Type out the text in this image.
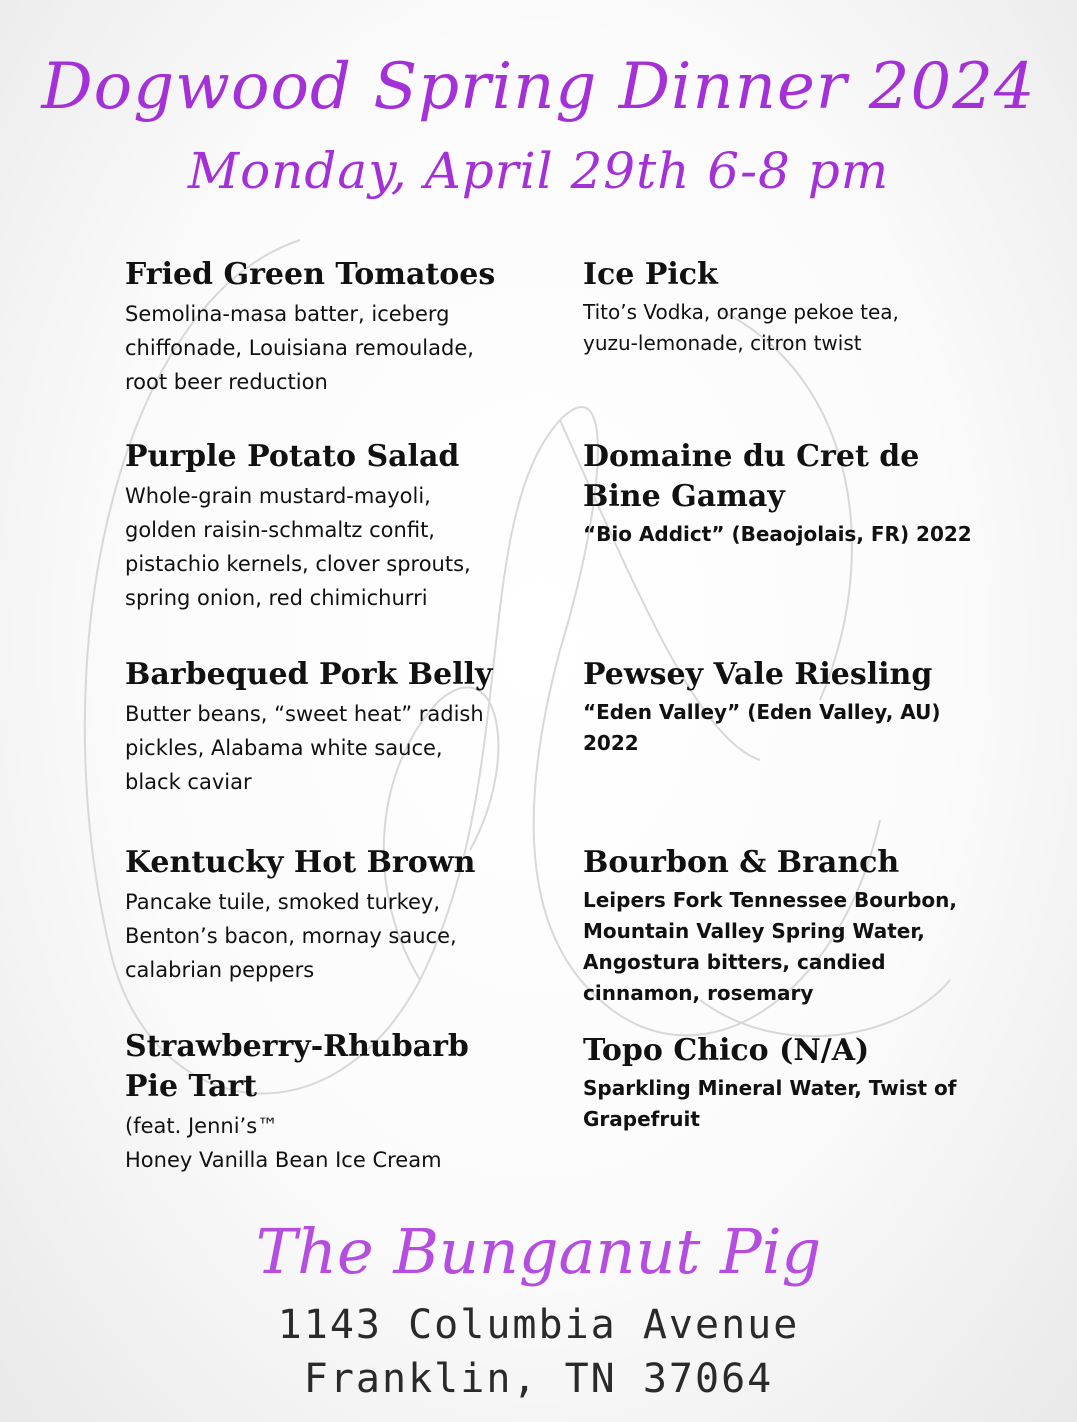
Dogwood Spring Dinner 2024
Monday, April 29th 6-8 pm
Fried Green Tomatoes
Semolina-masa batter, iceberg
chiffonade, Louisiana remoulade,
root beer reduction
Purple Potato Salad
Whole-grain mustard-mayoli,
golden raisin-schmaltz confit,
pistachio kernels, clover sprouts,
spring onion, red chimichurri
Barbequed Pork Belly
Butter beans, “sweet heat” radish
pickles, Alabama white sauce,
black caviar
Kentucky Hot Brown
Pancake tuile, smoked turkey,
Benton’s bacon, mornay sauce,
calabrian peppers
Strawberry-Rhubarb
Pie Tart
(feat. Jenni’s™
Honey Vanilla Bean Ice Cream
Ice Pick
Tito’s Vodka, orange pekoe tea,
yuzu-lemonade, citron twist
Domaine du Cret de
Bine Gamay
“Bio Addict” (Beaojolais, FR) 2022
Pewsey Vale Riesling
“Eden Valley” (Eden Valley, AU)
2022
Bourbon & Branch
Leipers Fork Tennessee Bourbon,
Mountain Valley Spring Water,
Angostura bitters, candied
cinnamon, rosemary
Topo Chico (N/A)
Sparkling Mineral Water, Twist of
Grapefruit
The Bunganut Pig
1143 Columbia Avenue
Franklin, TN 37064
